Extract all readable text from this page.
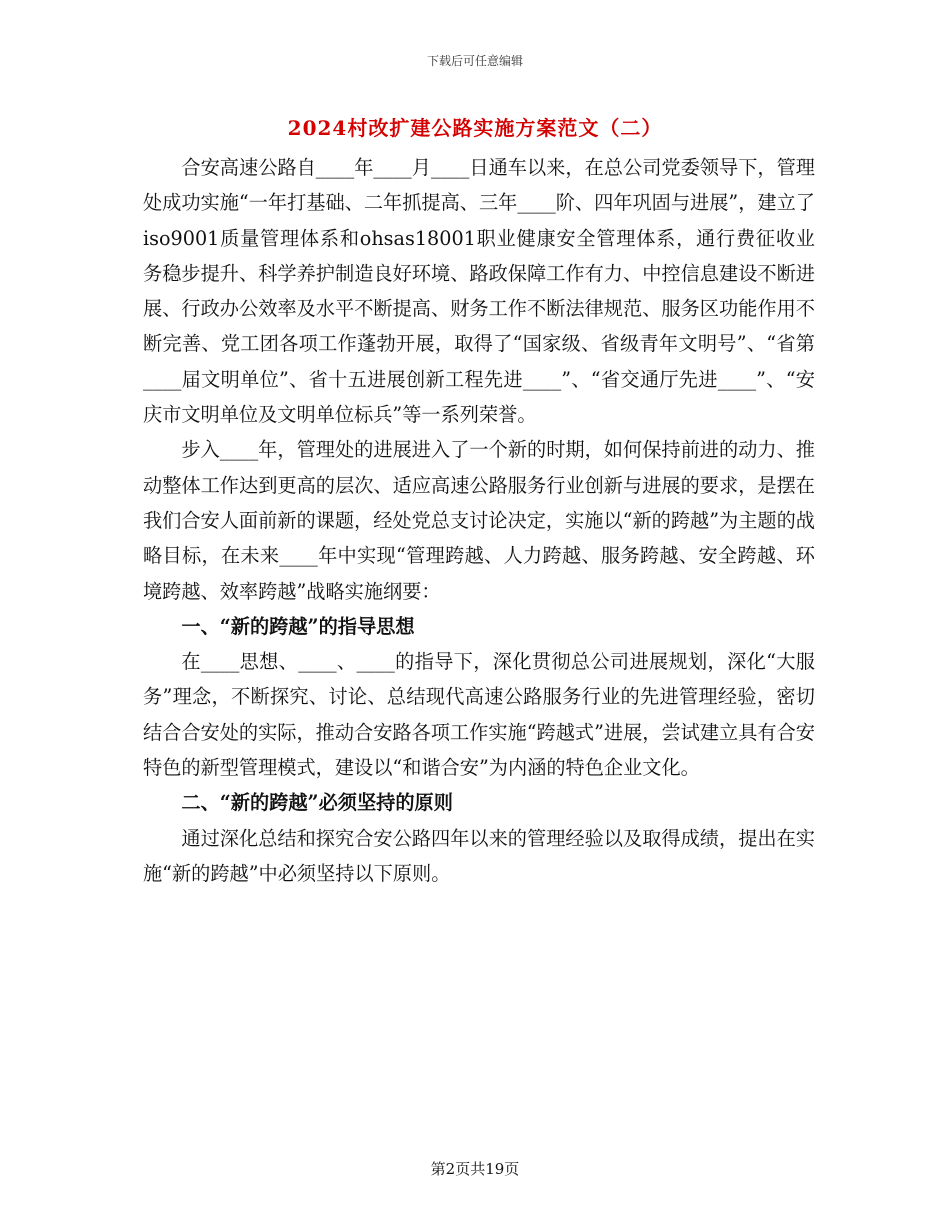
下载后可任意编辑
2024村改扩建公路实施方案范文（二）

合安高速公路自____年____月____日通车以来，在总公司党委领导下，管理处成功实施“一年打基础、二年抓提高、三年____阶、四年巩固与进展”，建立了iso9001质量管理体系和ohsas18001职业健康安全管理体系，通行费征收业务稳步提升、科学养护制造良好环境、路政保障工作有力、中控信息建设不断进展、行政办公效率及水平不断提高、财务工作不断法律规范、服务区功能作用不断完善、党工团各项工作蓬勃开展，取得了“国家级、省级青年文明号”、“省第____届文明单位”、省十五进展创新工程先进____”、“省交通厅先进____”、“安庆市文明单位及文明单位标兵”等一系列荣誉。

步入____年，管理处的进展进入了一个新的时期，如何保持前进的动力、推动整体工作达到更高的层次、适应高速公路服务行业创新与进展的要求，是摆在我们合安人面前新的课题，经处党总支讨论决定，实施以“新的跨越”为主题的战略目标，在未来____年中实现“管理跨越、人力跨越、服务跨越、安全跨越、环境跨越、效率跨越”战略实施纲要：

一、“新的跨越”的指导思想

在____思想、____、____的指导下，深化贯彻总公司进展规划，深化“大服务”理念，不断探究、讨论、总结现代高速公路服务行业的先进管理经验，密切结合合安处的实际，推动合安路各项工作实施“跨越式”进展，尝试建立具有合安特色的新型管理模式，建设以“和谐合安”为内涵的特色企业文化。

二、“新的跨越”必须坚持的原则

通过深化总结和探究合安公路四年以来的管理经验以及取得成绩，提出在实施“新的跨越”中必须坚持以下原则。

第2页共19页
